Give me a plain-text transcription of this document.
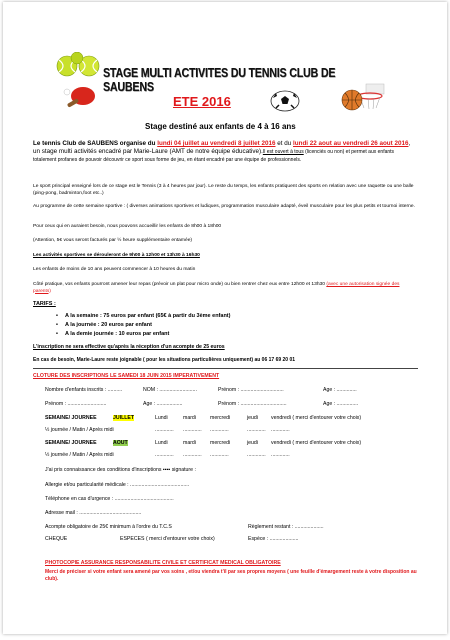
STAGE MULTI ACTIVITES DU TENNIS CLUB DE SAUBENS
ETE 2016
Stage destiné aux enfants de 4 à 16 ans
Le tennis Club de SAUBENS organise du lundi 04 juillet au vendredi 8 juillet 2016 et du lundi 22 aout au vendredi 26 aout 2016, un stage multi activités encadré par Marie-Laure (AMT de notre équipe éducative).Il est ouvert à tous (licenciés ou non) et permet aux enfants totalement profanes de pouvoir découvrir ce sport sous forme de jeu, en étant encadré par une équipe de professionnels.
Le sport principal enseigné lors de ce stage est le Tennis (3 à 4 heures par jour). Le reste du temps, les enfants pratiquent des sports en relation avec une raquette ou une balle (ping-pong, badminton,foot etc..)
Au programme de cette semaine sportive : ( diverses animations sportives et ludiques, programmation musculaire adapté, éveil musculaire pour les plus petits et tournoi interne.
Pour ceux qui en auraient besoin, nous pouvons accueillir les enfants de 8h00 à 18h00
(Attention, 5€ vous seront facturés par ½ heure supplémentaire entamée)
Les activités sportives se dérouleront de 9h00 à 12h00 et 13h30 à 16h30
Les enfants de moins de 10 ans peuvent commencer à 10 heures du matin
Côté pratique, vos enfants pourront amener leur repas (prévoir un plat pour micro onde) ou bien rentrer chez eux entre 12h00 et 13h30 (avec une autorisation signée des parents)
TARIFS :
• A la semaine : 75 euros par enfant (65€ à partir du 3ème enfant)
• A la journée : 20 euros par enfant
• A la demie journée : 10 euros par enfant
L'inscription ne sera effective qu'après la réception d'un acompte de 25 euros
En cas de besoin, Marie-Laure reste joignable ( pour les situations particulières uniquement) au 06 17 69 20 01
CLOTURE DES INSCRIPTIONS LE SAMEDI 18 JUIN 2015 IMPERATIVEMENT
Nombre d'enfants inscrits : ..........	NOM : ..........................	Prénom : ..............................	Age : ..............
Prénom : ...........................	Age : ..................	Prénom : ................................	Age : ...............
SEMAINE/ JOURNEE	JUILLET	Lundi	mardi	mercredi	jeudi	vendredi ( merci d'entourer votre choix)
½ journée / Matin / Après midi	............. ............. .............	............. .............
SEMAINE/ JOURNEE	AOUT	Lundi	mardi	mercredi	jeudi	vendredi ( merci d'entourer votre choix)
½ journée / Matin / Après midi	............. ............. .............	............. .............
J'ai pris connaissance des conditions d'inscriptions ▪▪▪▪ signature :
Allergie et/ou particularité médicale : .........................................
Téléphone en cas d'urgence : .........................................
Adresse mail : ...........................................
Acompte obligatoire de 25€ minimum à l'ordre du T.C.S	Règlement restant : ....................
CHEQUE	ESPECES ( merci d'entourer votre choix)	Espèce : ....................
PHOTOCOPIE ASSURANCE RESPONSABILITE CIVILE ET CERTIFICAT MEDICAL OBLIGATOIRE
Merci de préciser si votre enfant sera amené par vos soins , et/ou viendra t'il par ses propres moyens ( une feuille d'émargement reste à votre disposition au club).
